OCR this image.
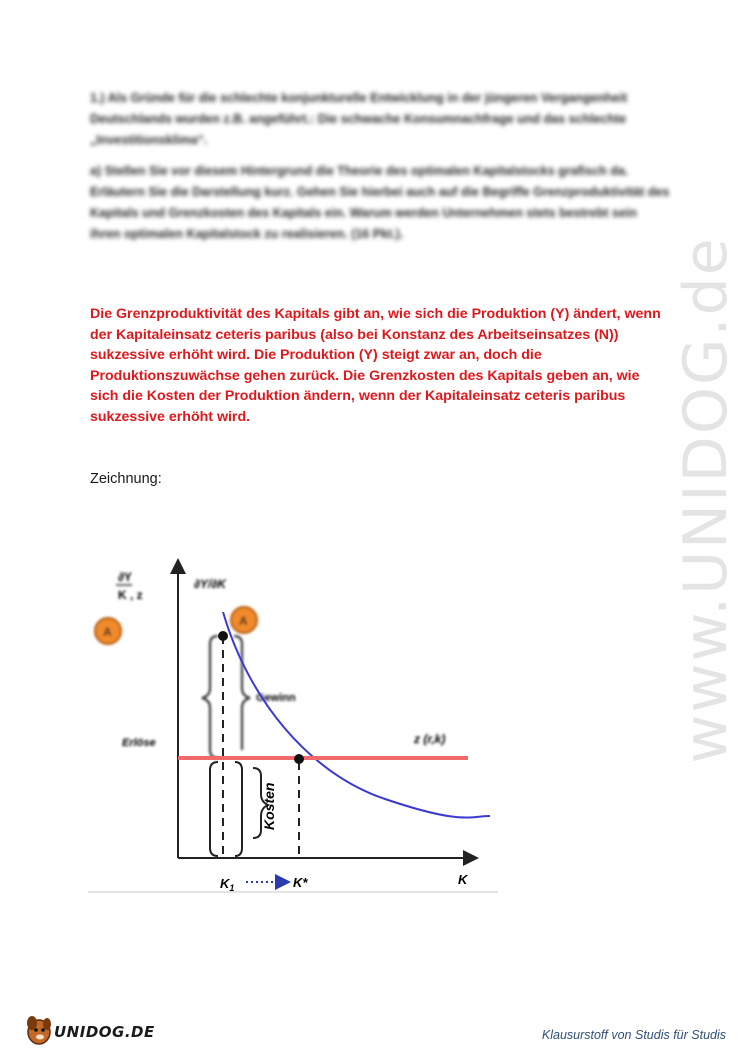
www.UNIDOG.de

1.) Als Gründe für die schlechte konjunkturelle Entwicklung in der jüngeren Vergangenheit Deutschlands wurden z.B. angeführt.: Die schwache Konsumnachfrage und das schlechte „Investitionsklima“.

a) Stellen Sie vor diesem Hintergrund die Theorie des optimalen Kapitalstocks grafisch da. Erläutern Sie die Darstellung kurz. Gehen Sie hierbei auch auf die Begriffe Grenzproduktivität des Kapitals und Grenzkosten des Kapitals ein. Warum werden Unternehmen stets bestrebt sein ihren optimalen Kapitalstock zu realisieren. (16 Pkt.).

Die Grenzproduktivität des Kapitals gibt an, wie sich die Produktion (Y) ändert, wenn der Kapitaleinsatz ceteris paribus (also bei Konstanz des Arbeitseinsatzes (N)) sukzessive erhöht wird. Die Produktion (Y) steigt zwar an, doch die Produktionszuwächse gehen zurück. Die Grenzkosten des Kapitals geben an, wie sich die Kosten der Produktion ändern, wenn der Kapitaleinsatz ceteris paribus sukzessive erhöht wird.

Zeichnung:
∂Y
K , z
∂Y/∂K
A
A
Gewinn
Erlöse	z (r,k)
Kosten
$K_1$	K*	K
UNIDOG.DE	Klausurstoff von Studis für Studis
